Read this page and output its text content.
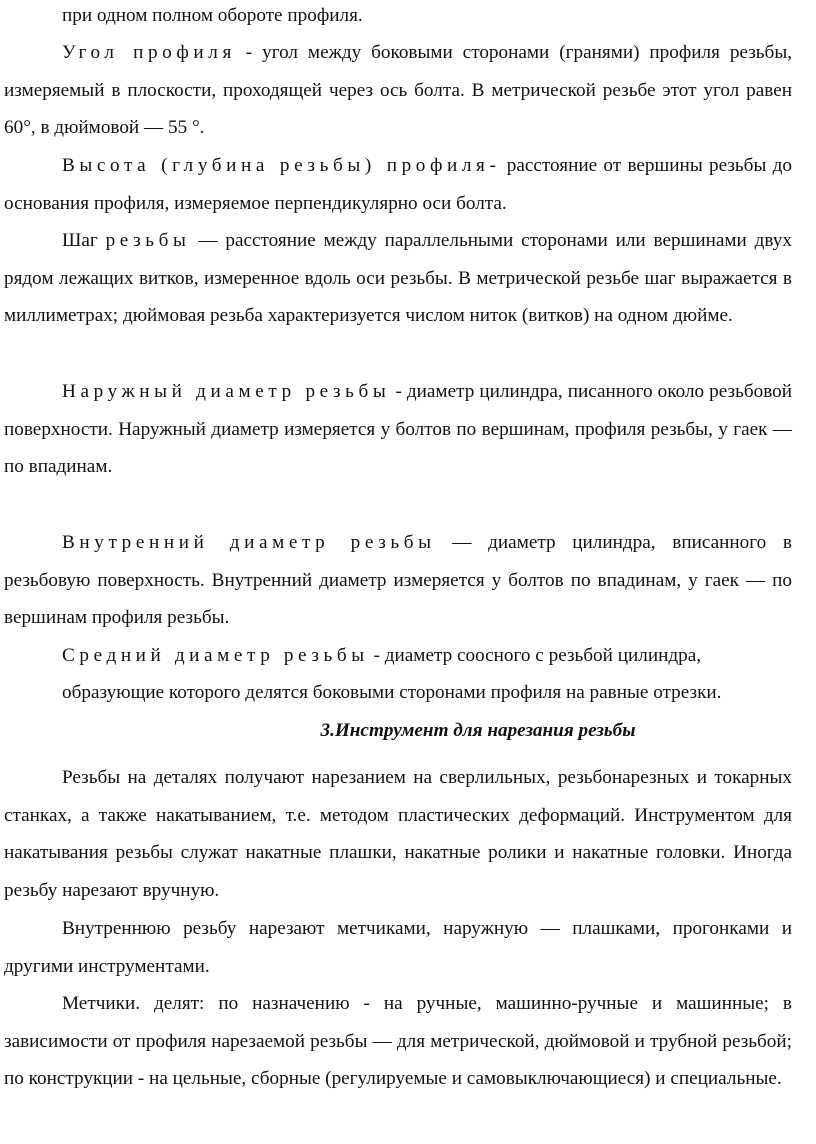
при одном полном обороте профиля.

Угол профиля - угол между боковыми сторонами (гранями) профиля резьбы, измеряемый в плоскости, проходящей через ось болта. В метрической резьбе этот угол равен 60°, в дюймовой — 55 °.

Высота (глубина резьбы) профиля- расстояние от вершины резьбы до основания профиля, измеряемое перпендикулярно оси болта.

Шаг резьбы — расстояние между параллельными сторонами или вершинами двух рядом лежащих витков, измеренное вдоль оси резьбы. В метрической резьбе шаг выражается в миллиметрах; дюймовая резьба характеризуется числом ниток (витков) на одном дюйме.

Наружный диаметр резьбы - диаметр цилиндра, писанного около резьбовой поверхности. Наружный диаметр измеряется у болтов по вершинам, профиля резьбы, у гаек — по впадинам.

Внутренний диаметр резьбы — диаметр цилиндра, вписанного в резьбовую поверхность. Внутренний диаметр измеряется у болтов по впадинам, у гаек — по вершинам профиля резьбы.

Средний диаметр резьбы - диаметр соосного с резьбой цилиндра,

образующие которого делятся боковыми сторонами профиля на равные отрезки.

3.Инструмент для нарезания резьбы

Резьбы на деталях получают нарезанием на сверлильных, резьбонарезных и токарных станках, а также накатыванием, т.е. методом пластических деформаций. Инструментом для накатывания резьбы служат накатные плашки, накатные ролики и накатные головки. Иногда резьбу нарезают вручную.

Внутреннюю резьбу нарезают метчиками, наружную — плашками, прогонками и другими инструментами.

Метчики. делят: по назначению - на ручные, машинно-ручные и машинные; в зависимости от профиля нарезаемой резьбы — для метрической, дюймовой и трубной резьбой; по конструкции - на цельные, сборные (регулируемые и самовыключающиеся) и специальные.
